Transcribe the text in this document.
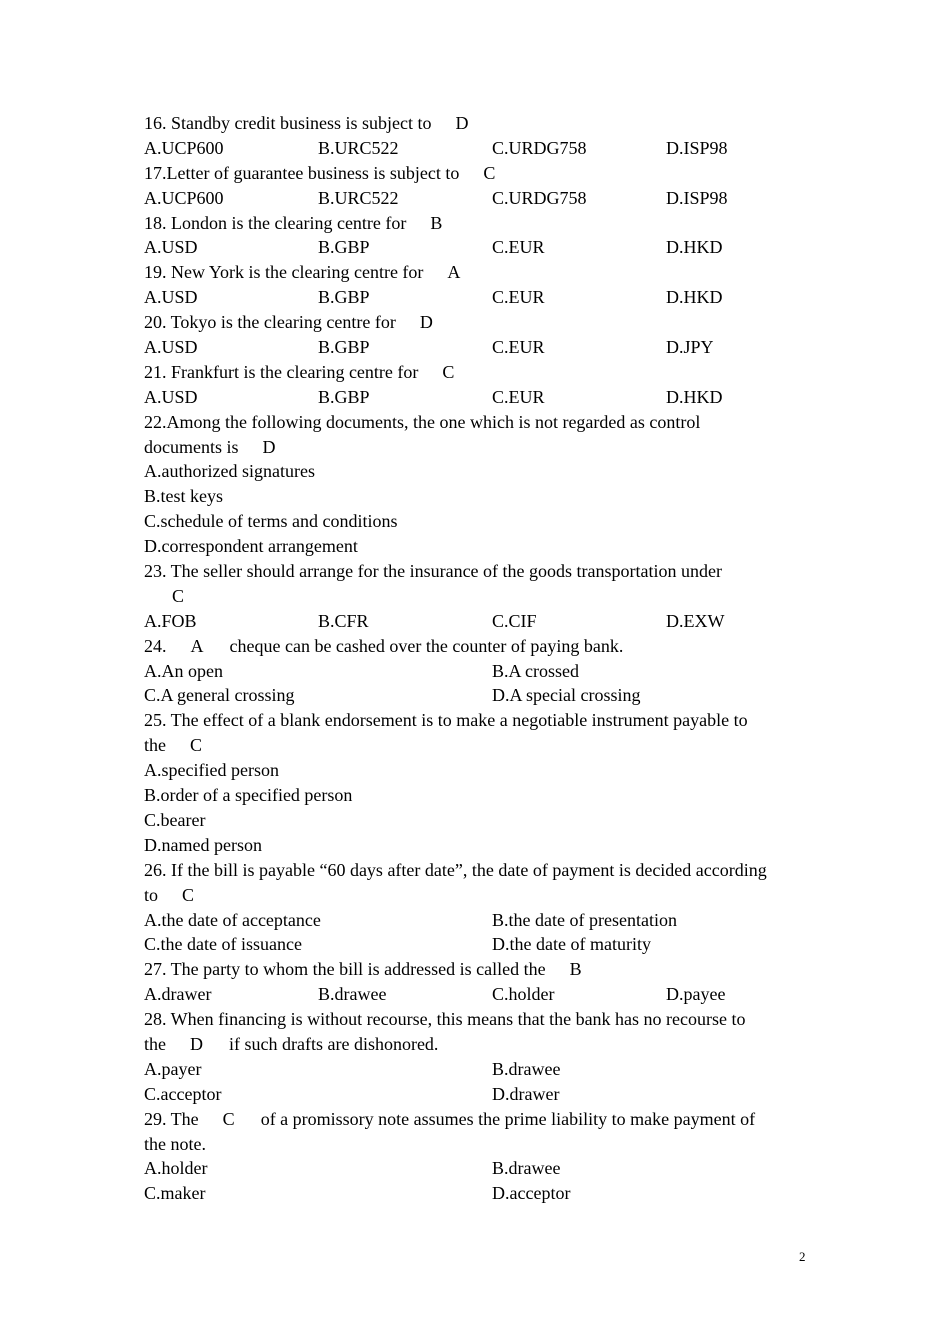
16. Standby credit business is subject to D
A.UCP600	B.URC522	C.URDG758	D.ISP98
17.Letter of guarantee business is subject to C
A.UCP600	B.URC522	C.URDG758	D.ISP98
18. London is the clearing centre for B
A.USD	B.GBP	C.EUR	D.HKD
19. New York is the clearing centre for A
A.USD	B.GBP	C.EUR	D.HKD
20. Tokyo is the clearing centre for D
A.USD	B.GBP	C.EUR	D.JPY
21. Frankfurt is the clearing centre for C
A.USD	B.GBP	C.EUR	D.HKD
22.Among the following documents, the one which is not regarded as control
documents is D
A.authorized signatures
B.test keys
C.schedule of terms and conditions
D.correspondent arrangement
23. The seller should arrange for the insurance of the goods transportation under
C
A.FOB	B.CFR	C.CIF	D.EXW
24. A cheque can be cashed over the counter of paying bank.
A.An open	B.A crossed
C.A general crossing	D.A special crossing
25. The effect of a blank endorsement is to make a negotiable instrument payable to
the C
A.specified person
B.order of a specified person
C.bearer
D.named person
26. If the bill is payable “60 days after date”, the date of payment is decided according
to C
A.the date of acceptance	B.the date of presentation
C.the date of issuance	D.the date of maturity
27. The party to whom the bill is addressed is called the B
A.drawer	B.drawee	C.holder	D.payee
28. When financing is without recourse, this means that the bank has no recourse to
the D if such drafts are dishonored.
A.payer	B.drawee
C.acceptor	D.drawer
29. The C of a promissory note assumes the prime liability to make payment of
the note.
A.holder	B.drawee
C.maker	D.acceptor
2
